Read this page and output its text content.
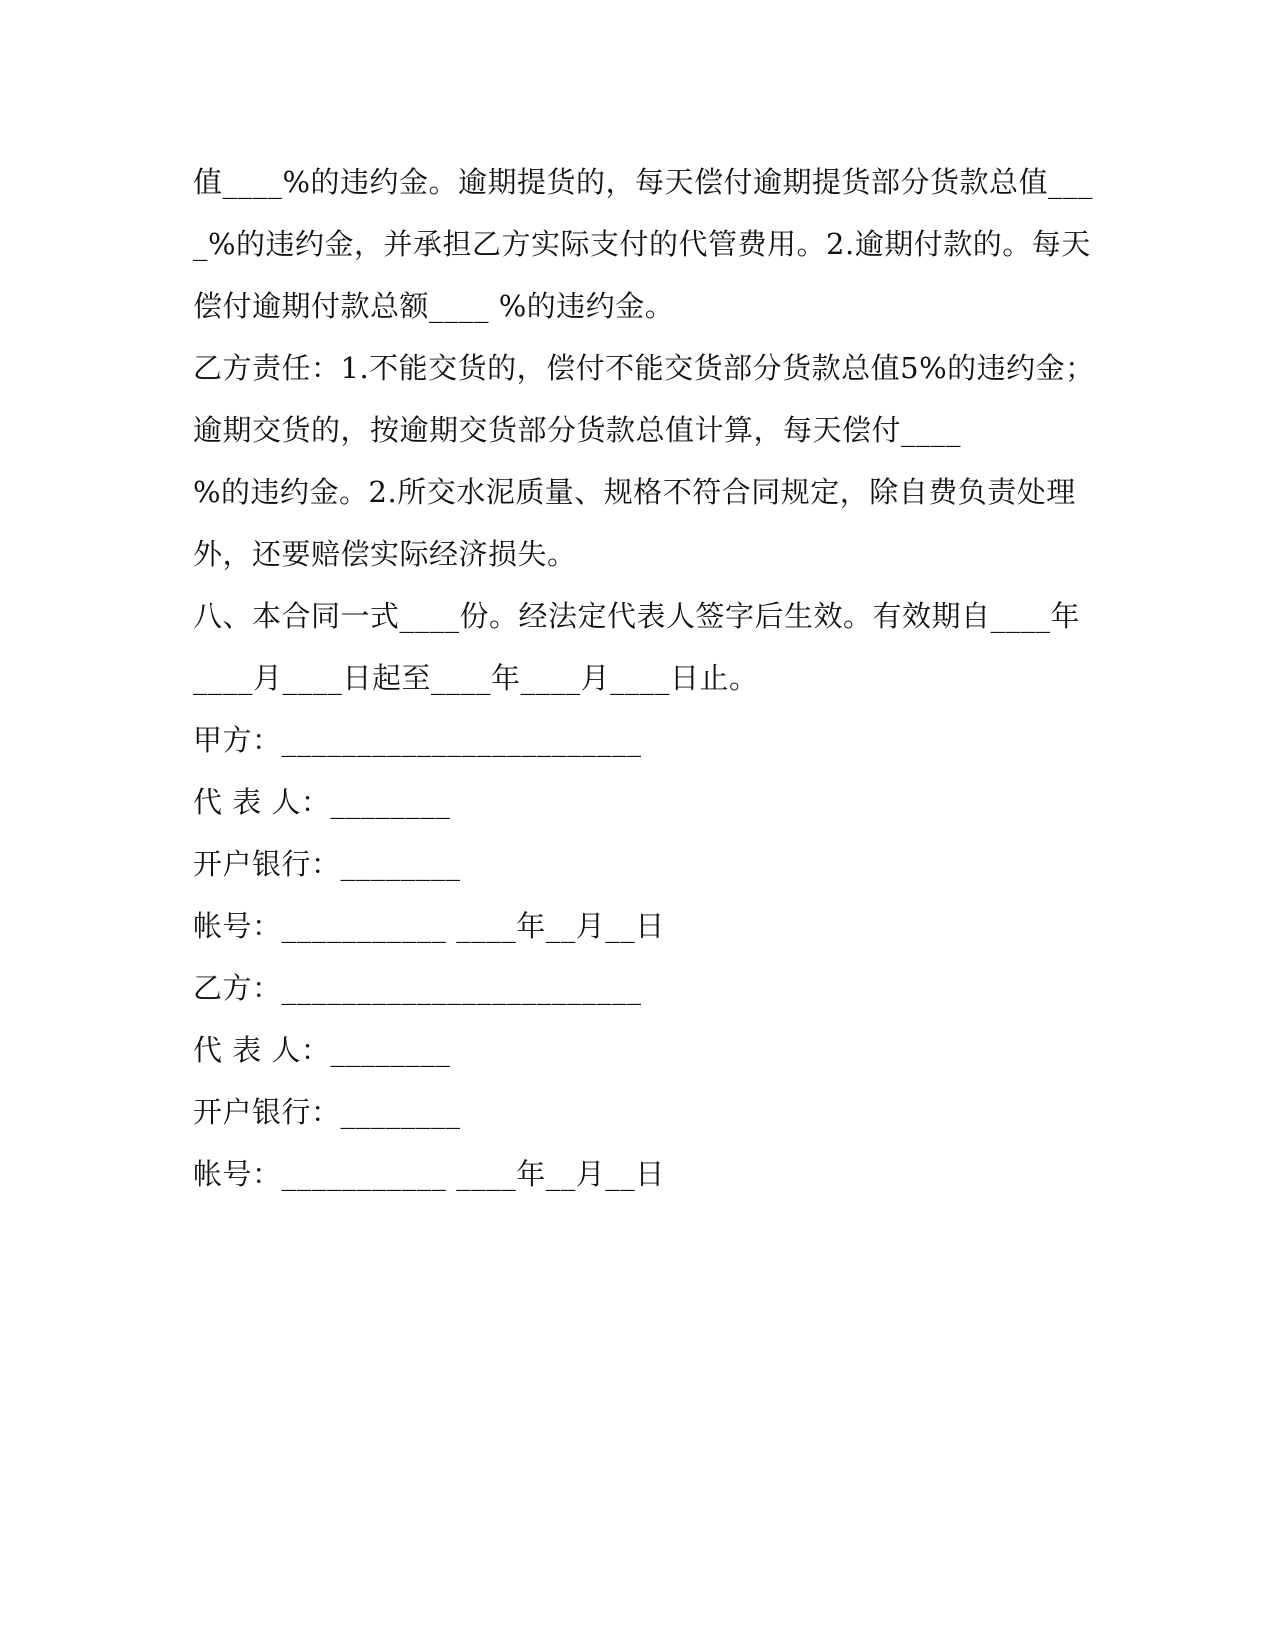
值____%的违约金。逾期提货的，每天偿付逾期提货部分货款总值___
_%的违约金，并承担乙方实际支付的代管费用。2.逾期付款的。每天
偿付逾期付款总额____ %的违约金。
乙方责任：1.不能交货的，偿付不能交货部分货款总值5%的违约金；
逾期交货的，按逾期交货部分货款总值计算，每天偿付____
%的违约金。2.所交水泥质量、规格不符合同规定，除自费负责处理
外，还要赔偿实际经济损失。
八、本合同一式____份。经法定代表人签字后生效。有效期自____年
____月____日起至____年____月____日止。
甲方：________________________
代 表 人：________
开户银行：________
帐号：___________ ____年__月__日
乙方：________________________
代 表 人：________
开户银行：________
帐号：___________ ____年__月__日
